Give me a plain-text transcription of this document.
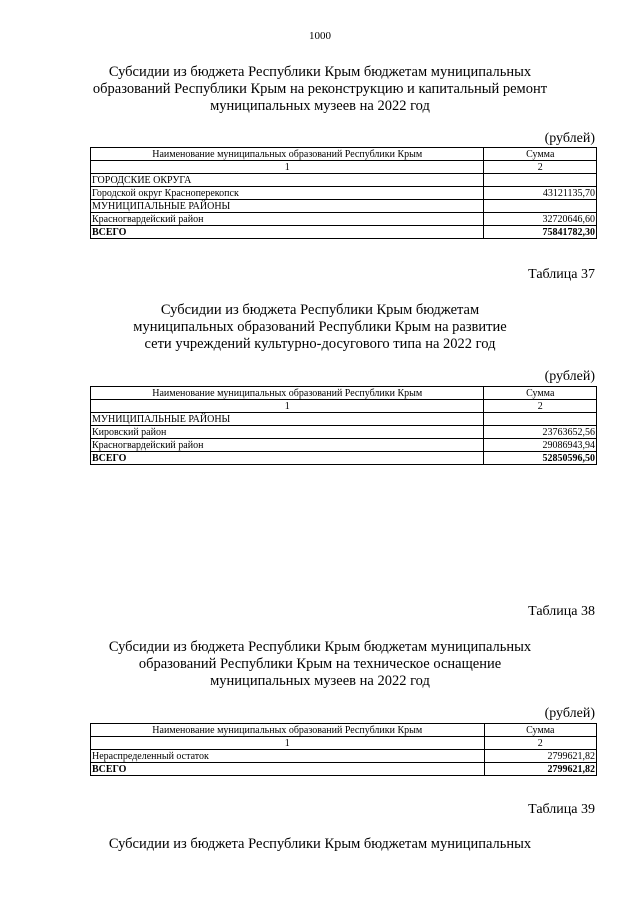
1000
Субсидии из бюджета Республики Крым бюджетам муниципальных
образований Республики Крым на реконструкцию и капитальный ремонт
муниципальных музеев на 2022 год
(рублей)
Наименование муниципальных образований Республики Крым	Сумма
1	2
ГОРОДСКИЕ ОКРУГА	
Городской округ Красноперекопск	43121135,70
МУНИЦИПАЛЬНЫЕ РАЙОНЫ	
Красногвардейский район	32720646,60
ВСЕГО	75841782,30
Таблица 37
Субсидии из бюджета Республики Крым бюджетам
муниципальных образований Республики Крым на развитие
сети учреждений культурно-досугового типа на 2022 год
(рублей)
Наименование муниципальных образований Республики Крым	Сумма
1	2
МУНИЦИПАЛЬНЫЕ РАЙОНЫ	
Кировский район	23763652,56
Красногвардейский район	29086943,94
ВСЕГО	52850596,50
Таблица 38
Субсидии из бюджета Республики Крым бюджетам муниципальных
образований Республики Крым на техническое оснащение
муниципальных музеев на 2022 год
(рублей)
Наименование муниципальных образований Республики Крым	Сумма
1	2
Нераспределенный остаток	2799621,82
ВСЕГО	2799621,82
Таблица 39
Субсидии из бюджета Республики Крым бюджетам муниципальных
